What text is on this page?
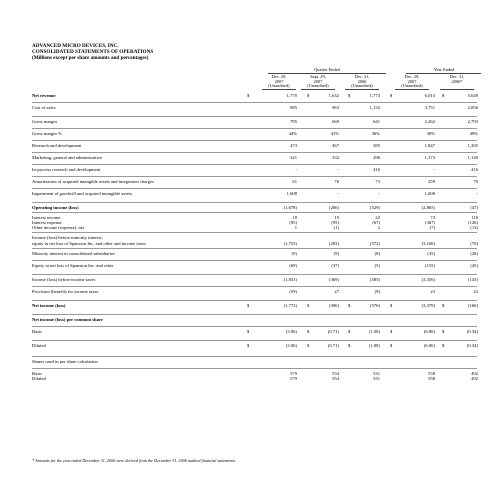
ADVANCED MICRO DEVICES, INC.
CONSOLIDATED STATEMENTS OF OPERATIONS
(Millions except per share amounts and percentages)
Quarter Ended	Year Ended
Dec. 29,
2007
(Unaudited)
Sept. 29,
2007
(Unaudited)
Dec. 31,
2006
(Unaudited)
Dec. 29,
2007
(Unaudited)
Dec. 31,
2006*
Net revenue	$	1,770 $	1,632 $	1,773 $	6,013 $	5,649
Cost of sales	985	963	1,132	3,751	2,856
Gross margin	785	669	641	2,262	2,793
Gross margin %	44%	41%	36%	38%	49%
Research and development	473	467	385	1,847	1,205
Marketing, general and administrative	321	332	296	1,373	1,140
In-process research and development	-	-	416	-	416
Amortization of acquired intangible assets and integration charges	61	76	73	259	79
Impairment of goodwill and acquired intangible assets	1,608	-	-	1,608	-
Operating income (loss)	(1,678)	(206)	(529)	(2,865)	(47)
Interest income	18	19	22	73	116
Interest expense	(95)	(95)	(67)	(367)	(126)
Other income (expense), net	1	(1)	2	(7)	(13)
Income (loss) before minority interest,
equity in net loss of Spansion Inc. and other and income taxes	(1,753)	(283)	(572)	(3,166)	(70)
Minority interest in consolidated subsidiaries	(9)	(9)	(8)	(35)	(28)
Equity in net loss of Spansion Inc. and other	(69)	(37)	(5)	(155)	(45)
Income (loss) before income taxes	(1,831)	(369)	(585)	(3,356)	(143)
Provision (benefit) for income taxes	(59)	27	(9)	23	23
Net income (loss)	$	(1,772) $	(396) $	(576) $	(3,379) $	(166)
Net income (loss) per common share
Basic	$	(3.06) $	(0.71) $	(1.08) $	(6.06) $	(0.34)
Diluted	$	(3.06) $	(0.71) $	(1.08) $	(6.06) $	(0.34)
Shares used in per share calculation
Basic	579	554	531	558	492
Diluted	579	554	531	558	492
* Amounts for the year ended December 31, 2006 were derived from the December 31, 2006 audited financial statements.
